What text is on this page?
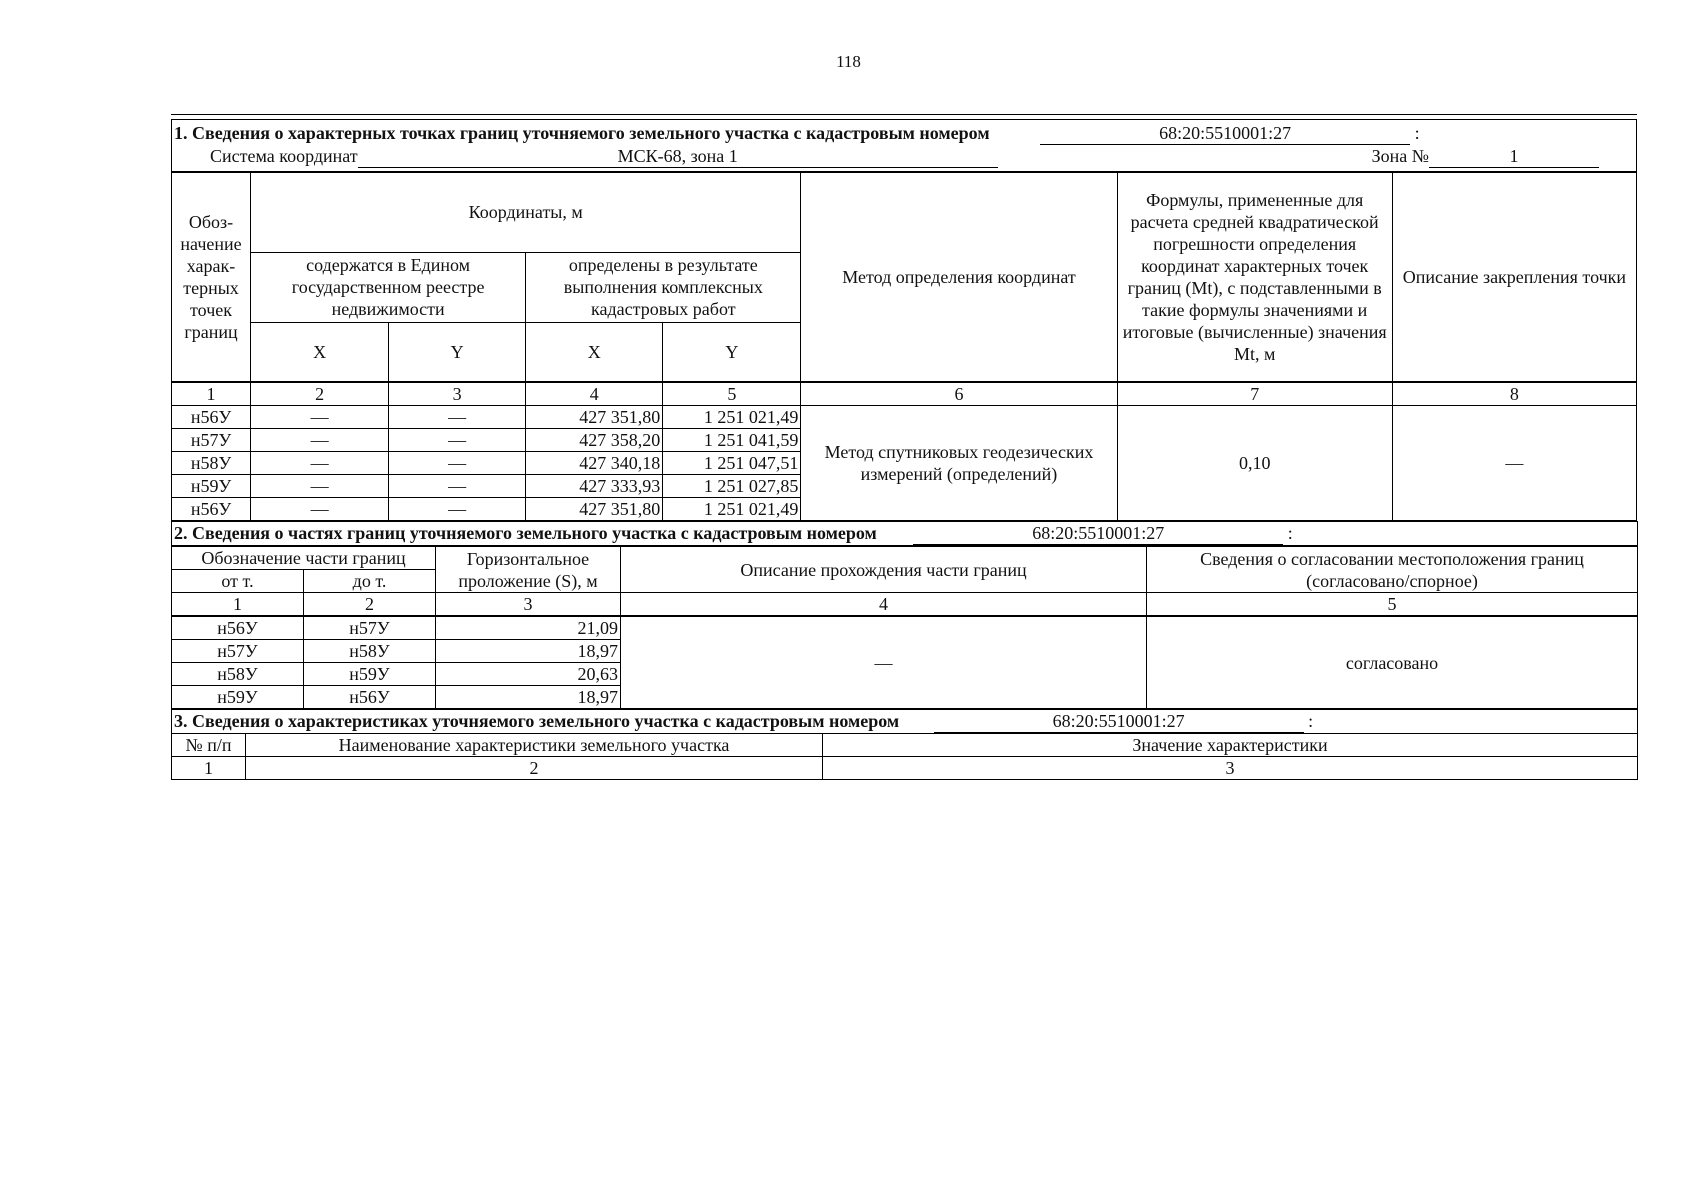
118
1. Сведения о характерных точках границ уточняемого земельного участка с кадастровым номером 68:20:5510001:27 :							
Система координат МСК-68, зона 1 Зона № 1							
Обоз-начение харак-терных точек границ	Координаты, м				Метод определения координат	Формулы, примененные для расчета средней квадратической погрешности определения координат характерных точек границ (Mt), с подставленными в такие формулы значениями и итоговые (вычисленные) значения Mt, м	Описание закрепления точки
	содержатся в Едином государственном реестре недвижимости		определены в результате выполнения комплексных кадастровых работ				
	X	Y	X	Y			
1	2	3	4	5	6	7	8
н56У	—	—	427 351,80	1 251 021,49	Метод спутниковых геодезических измерений (определений)	0,10	—
н57У	—	—	427 358,20	1 251 041,59			
н58У	—	—	427 340,18	1 251 047,51			
н59У	—	—	427 333,93	1 251 027,85			
н56У	—	—	427 351,80	1 251 021,49			
2. Сведения о частях границ уточняемого земельного участка с кадастровым номером 68:20:5510001:27 :				
Обозначение части границ		Горизонтальное проложение (S), м	Описание прохождения части границ	Сведения о согласовании местоположения границ (согласовано/спорное)
от т.	до т.			
1	2	3	4	5
н56У	н57У	21,09	—	согласовано
н57У	н58У	18,97		
н58У	н59У	20,63		
н59У	н56У	18,97		
3. Сведения о характеристиках уточняемого земельного участка с кадастровым номером 68:20:5510001:27 :		
№ п/п	Наименование характеристики земельного участка	Значение характеристики
1	2	3
